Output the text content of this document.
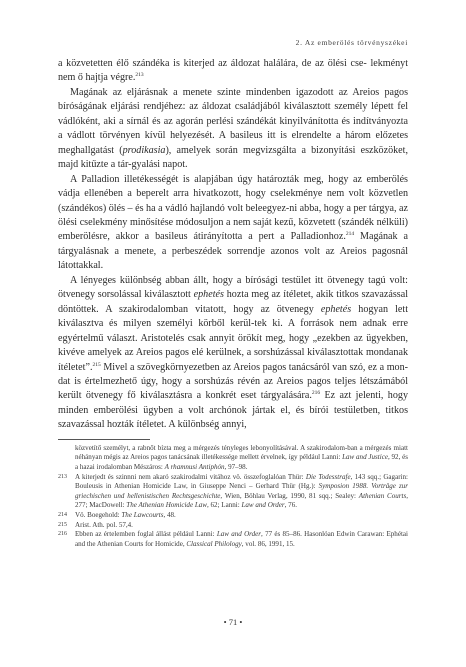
2. Az emberölés törvényszékei

a közvetetten élő szándéka is kiterjed az áldozat halálára, de az ölési cse- lekményt nem ő hajtja végre.$^{213}$

Magának az eljárásnak a menete szinte mindenben igazodott az Areios pagos bíróságának eljárási rendjéhez: az áldozat családjából kiválasztott személy lépett fel vádlóként, aki a sírnál és az agorán perlési szándékát kinyilvánította és indítványozta a vádlott törvényen kívül helyezését. A basileus itt is elrendelte a három előzetes meghallgatást (prodikasia), amelyek során megvizsgálta a bizonyítási eszközöket, majd kitűzte a tár-gyalási napot.

A Palladion illetékességét is alapjában úgy határozták meg, hogy az emberölés vádja ellenében a beperelt arra hivatkozott, hogy cselekménye nem volt közvetlen (szándékos) ölés – és ha a vádló hajlandó volt beleegyez-ni abba, hogy a per tárgya, az ölési cselekmény minősítése módosuljon a nem saját kezű, közvetett (szándék nélküli) emberölésre, akkor a basileus átirányította a pert a Palladionhoz.$^{214}$ Magának a tárgyalásnak a menete, a perbeszédek sorrendje azonos volt az Areios pagosnál látottakkal.

A lényeges különbség abban állt, hogy a bírósági testület itt ötvenegy tagú volt: ötvenegy sorsolással kiválasztott ephetés hozta meg az ítéletet, akik titkos szavazással döntöttek. A szakirodalomban vitatott, hogy az ötvenegy ephetés hogyan lett kiválasztva és milyen személyi körből kerül-tek ki. A források nem adnak erre egyértelmű választ. Aristotelés csak annyit örökít meg, hogy „ezekben az ügyekben, kivéve amelyek az Areios pagos elé kerülnek, a sorshúzással kiválasztottak mondanak ítéletet”.$^{215}$ Mivel a szövegkörnyezetben az Areios pagos tanácsáról van szó, ez a mon-dat is értelmezhető úgy, hogy a sorshúzás révén az Areios pagos teljes létszámából került ötvenegy fő kiválasztásra a konkrét eset tárgyalására.$^{216}$ Ez azt jelenti, hogy minden emberölési ügyben a volt archónok jártak el, és bírói testületben, titkos szavazással hozták ítéletet. A különbség annyi,

közvetítő személyt, a rabnőt bízta meg a mérgezés tényleges lebonyolításával. A szakirodalom-ban a mérgezés miatt néhányan mégis az Areios pagos tanácsának illetékessége mellett érvelnek, így például Lanni: Law and Justice, 92, és a hazai irodalomban Mészáros: A rhamnusi Antiphón, 97–98.
213	A kiterjedt és szinnni nem akaró szakirodalmi vitához vö. összefoglalóan Thür: Die Todesstrafe, 143 sqq.; Gagarin: Bouleusis in Athenian Homicide Law, in Giuseppe Nenci – Gerhard Thür (Hg.): Symposion 1988. Vorträge zur griechischen und hellenistischen Rechtsgeschichte, Wien, Böhlau Verlag, 1990, 81 sqq.; Sealey: Athenian Courts, 277; MacDowell: The Athenian Homicide Law, 62; Lanni: Law and Order, 76.
214	Vö. Boegehold: The Lawcourts, 48.
215	Arist. Ath. pol. 57,4.
216	Ebben az értelemben foglal állást például Lanni: Law and Order, 77 és 85–86. Hasonlóan Edwin Carawan: Ephétai and the Athenian Courts for Homicide, Classical Philology, vol. 86, 1991, 15.
• 71 •
